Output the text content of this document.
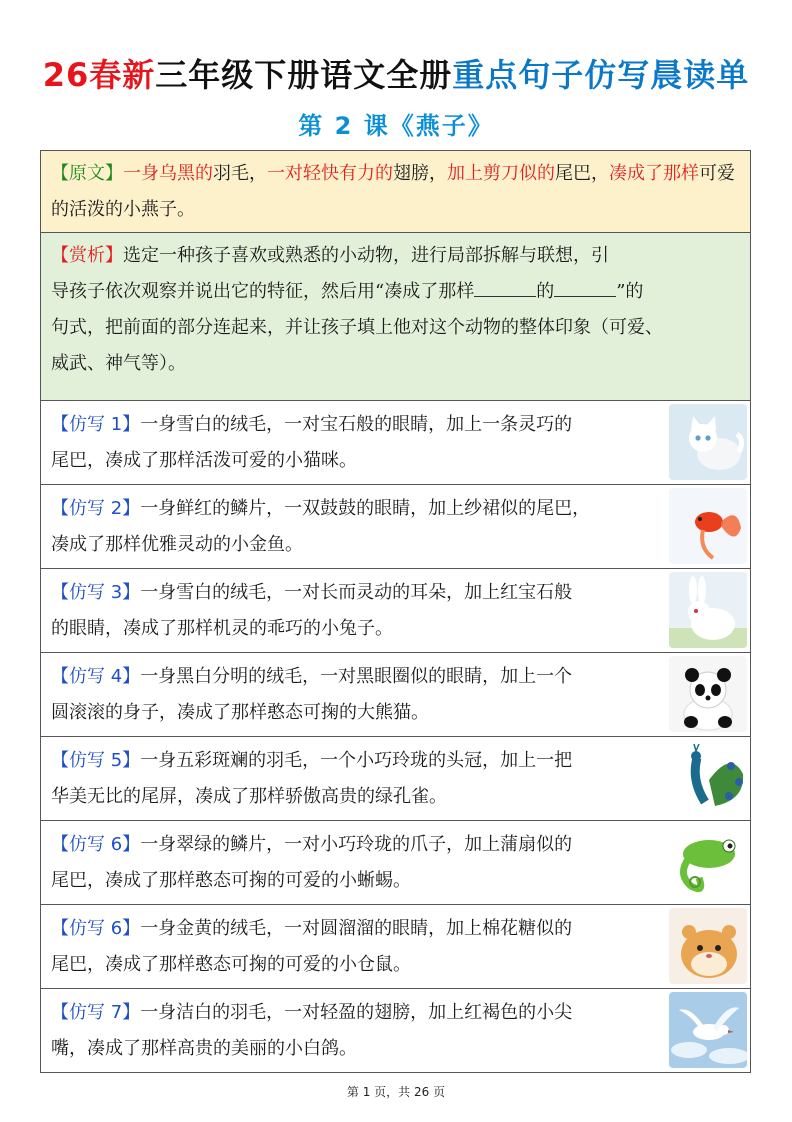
26春新三年级下册语文全册重点句子仿写晨读单
第 2 课《燕子》
【原文】一身乌黑的羽毛，一对轻快有力的翅膀，加上剪刀似的尾巴，凑成了那样可爱的活泼的小燕子。
【赏析】选定一种孩子喜欢或熟悉的小动物，进行局部拆解与联想，引
导孩子依次观察并说出它的特征，然后用“凑成了那样	的	”的
句式，把前面的部分连起来，并让孩子填上他对这个动物的整体印象（可爱、
威武、神气等）。
【仿写 1】一身雪白的绒毛，一对宝石般的眼睛，加上一条灵巧的
尾巴，凑成了那样活泼可爱的小猫咪。
【仿写 2】一身鲜红的鳞片，一双鼓鼓的眼睛，加上纱裙似的尾巴，
凑成了那样优雅灵动的小金鱼。
【仿写 3】一身雪白的绒毛，一对长而灵动的耳朵，加上红宝石般
的眼睛，凑成了那样机灵的乖巧的小兔子。
【仿写 4】一身黑白分明的绒毛，一对黑眼圈似的眼睛，加上一个
圆滚滚的身子，凑成了那样憨态可掬的大熊猫。
【仿写 5】一身五彩斑斓的羽毛，一个小巧玲珑的头冠，加上一把
华美无比的尾屏，凑成了那样骄傲高贵的绿孔雀。
【仿写 6】一身翠绿的鳞片，一对小巧玲珑的爪子，加上蒲扇似的
尾巴，凑成了那样憨态可掬的可爱的小蜥蜴。
【仿写 6】一身金黄的绒毛，一对圆溜溜的眼睛，加上棉花糖似的
尾巴，凑成了那样憨态可掬的可爱的小仓鼠。
【仿写 7】一身洁白的羽毛，一对轻盈的翅膀，加上红褐色的小尖
嘴，凑成了那样高贵的美丽的小白鸽。
第 1 页，共 26 页
